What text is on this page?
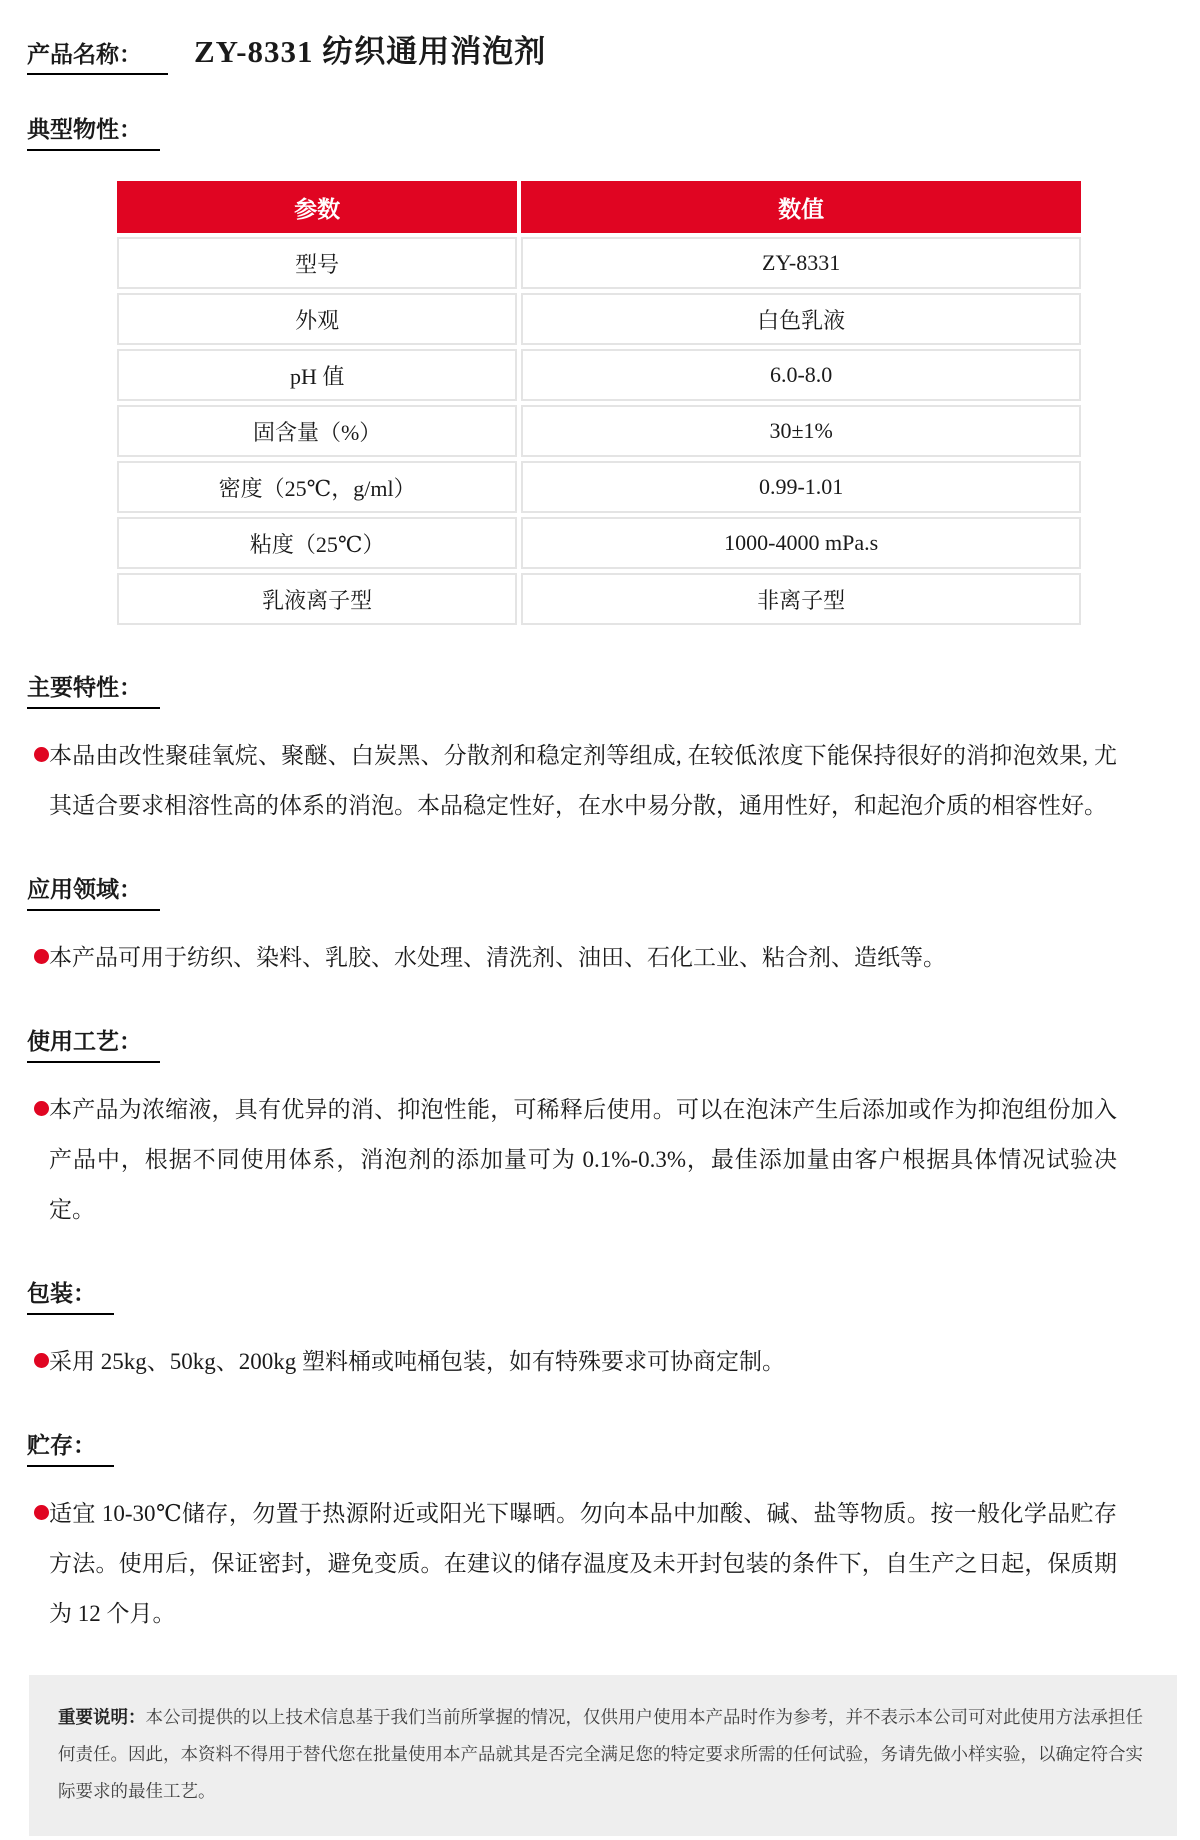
产品名称： ZY-8331 纺织通用消泡剂
典型物性：
参数	数值
型号	ZY-8331
外观	白色乳液
pH 值	6.0-8.0
固含量（%）	30±1%
密度（25℃，g/ml）	0.99-1.01
粘度（25℃）	1000-4000 mPa.s
乳液离子型	非离子型
主要特性：

本品由改性聚硅氧烷、聚醚、白炭黑、分散剂和稳定剂等组成, 在较低浓度下能保持很好的消抑泡效果, 尤其适合要求相溶性高的体系的消泡。本品稳定性好，在水中易分散，通用性好，和起泡介质的相容性好。

应用领域：

本产品可用于纺织、染料、乳胶、水处理、清洗剂、油田、石化工业、粘合剂、造纸等。

使用工艺：

本产品为浓缩液，具有优异的消、抑泡性能，可稀释后使用。可以在泡沫产生后添加或作为抑泡组份加入产品中，根据不同使用体系，消泡剂的添加量可为 0.1%-0.3%，最佳添加量由客户根据具体情况试验决定。

包装：

采用 25kg、50kg、200kg 塑料桶或吨桶包装，如有特殊要求可协商定制。

贮存：

适宜 10-30℃储存，勿置于热源附近或阳光下曝晒。勿向本品中加酸、碱、盐等物质。按一般化学品贮存方法。使用后，保证密封，避免变质。在建议的储存温度及未开封包装的条件下，自生产之日起，保质期为 12 个月。

重要说明：本公司提供的以上技术信息基于我们当前所掌握的情况，仅供用户使用本产品时作为参考，并不表示本公司可对此使用方法承担任何责任。因此，本资料不得用于替代您在批量使用本产品就其是否完全满足您的特定要求所需的任何试验，务请先做小样实验，以确定符合实际要求的最佳工艺。
